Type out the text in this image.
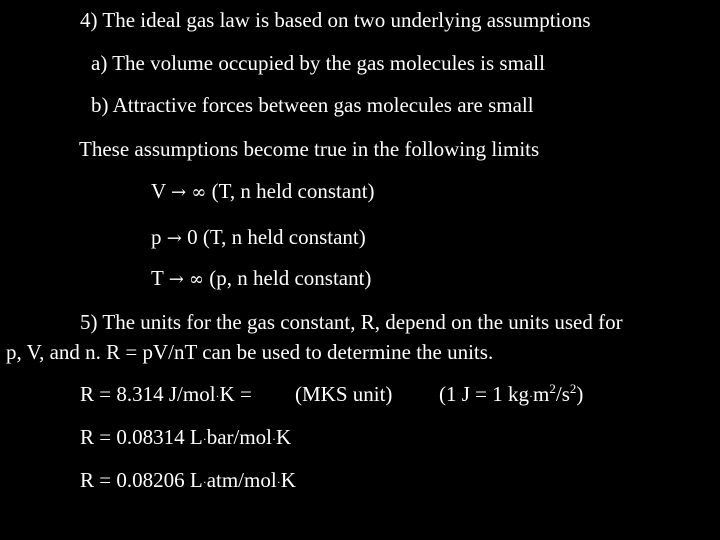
4) The ideal gas law is based on two underlying assumptions

a) The volume occupied by the gas molecules is small

b) Attractive forces between gas molecules are small

These assumptions become true in the following limits

V → ∞ (T, n held constant)

p → 0 (T, n held constant)

T → ∞ (p, n held constant)

5) The units for the gas constant, R, depend on the units used for

p, V, and n. R = pV/nT can be used to determine the units.

R = 8.314 J/mol·K = (MKS unit) (1 J = 1 $kg\cdot m^2/s^2$)

R = 0.08314 L·bar/mol·K

R = 0.08206 L·atm/mol·K
